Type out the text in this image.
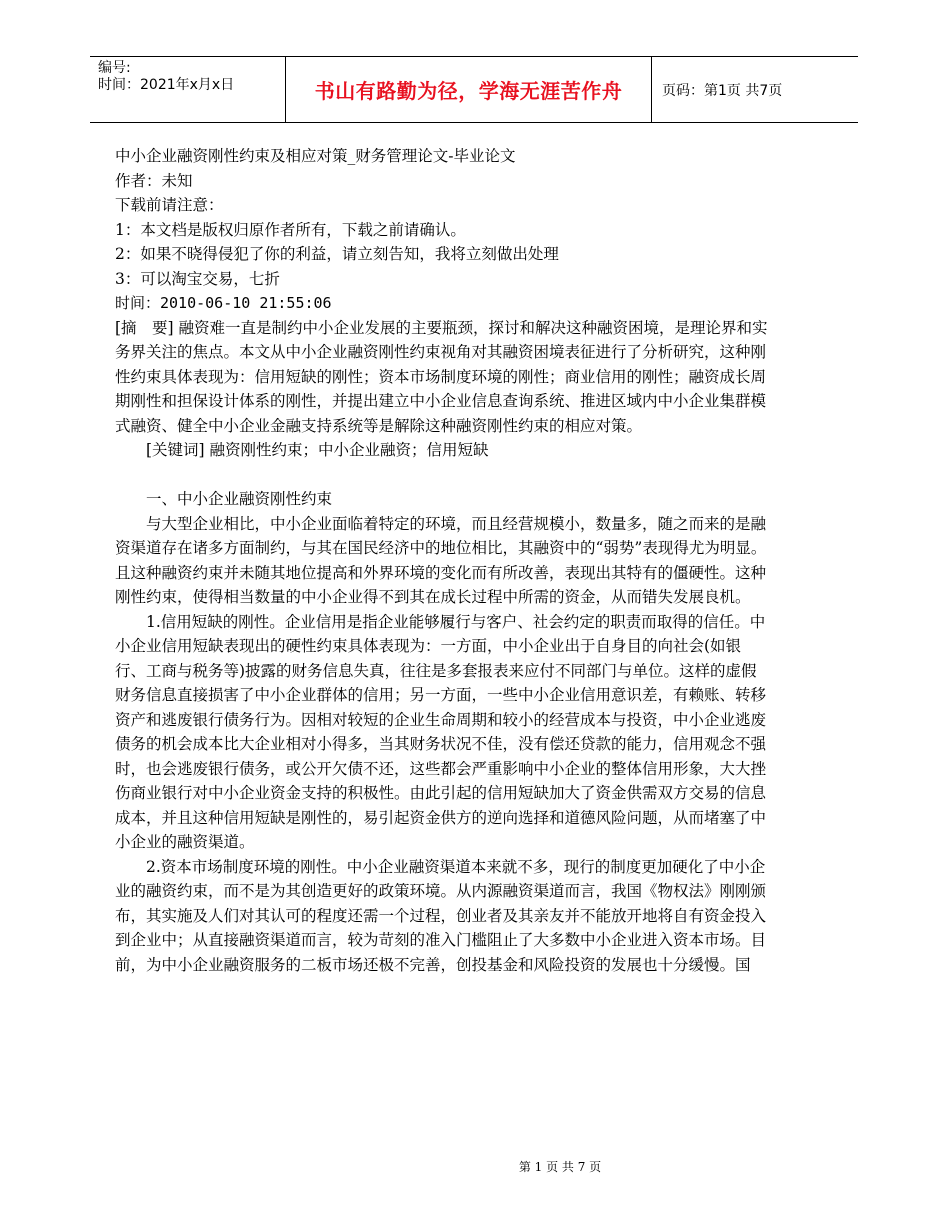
编号:
时间：2021年x月x日	书山有路勤为径，学海无涯苦作舟	页码：第1页 共7页

中小企业融资刚性约束及相应对策_财务管理论文-毕业论文

作者：未知

下载前请注意：

1：本文档是版权归原作者所有，下载之前请确认。

2：如果不晓得侵犯了你的利益，请立刻告知，我将立刻做出处理

3：可以淘宝交易，七折

时间：2010-06-10 21:55:06

[摘　要] 融资难一直是制约中小企业发展的主要瓶颈，探讨和解决这种融资困境，是理论界和实务界关注的焦点。本文从中小企业融资刚性约束视角对其融资困境表征进行了分析研究，这种刚性约束具体表现为：信用短缺的刚性；资本市场制度环境的刚性；商业信用的刚性；融资成长周期刚性和担保设计体系的刚性，并提出建立中小企业信息查询系统、推进区域内中小企业集群模式融资、健全中小企业金融支持系统等是解除这种融资刚性约束的相应对策。

[关键词] 融资刚性约束；中小企业融资；信用短缺

一、中小企业融资刚性约束

与大型企业相比，中小企业面临着特定的环境，而且经营规模小，数量多，随之而来的是融资渠道存在诸多方面制约，与其在国民经济中的地位相比，其融资中的“弱势”表现得尤为明显。且这种融资约束并未随其地位提高和外界环境的变化而有所改善，表现出其特有的僵硬性。这种刚性约束，使得相当数量的中小企业得不到其在成长过程中所需的资金，从而错失发展良机。

1.信用短缺的刚性。企业信用是指企业能够履行与客户、社会约定的职责而取得的信任。中小企业信用短缺表现出的硬性约束具体表现为：一方面，中小企业出于自身目的向社会(如银行、工商与税务等)披露的财务信息失真，往往是多套报表来应付不同部门与单位。这样的虚假财务信息直接损害了中小企业群体的信用；另一方面，一些中小企业信用意识差，有赖账、转移资产和逃废银行债务行为。因相对较短的企业生命周期和较小的经营成本与投资，中小企业逃废债务的机会成本比大企业相对小得多，当其财务状况不佳，没有偿还贷款的能力，信用观念不强时，也会逃废银行债务，或公开欠债不还，这些都会严重影响中小企业的整体信用形象，大大挫伤商业银行对中小企业资金支持的积极性。由此引起的信用短缺加大了资金供需双方交易的信息成本，并且这种信用短缺是刚性的，易引起资金供方的逆向选择和道德风险问题，从而堵塞了中小企业的融资渠道。

2.资本市场制度环境的刚性。中小企业融资渠道本来就不多，现行的制度更加硬化了中小企业的融资约束，而不是为其创造更好的政策环境。从内源融资渠道而言，我国《物权法》刚刚颁布，其实施及人们对其认可的程度还需一个过程，创业者及其亲友并不能放开地将自有资金投入到企业中；从直接融资渠道而言，较为苛刻的准入门槛阻止了大多数中小企业进入资本市场。目前，为中小企业融资服务的二板市场还极不完善，创投基金和风险投资的发展也十分缓慢。国

第 1 页 共 7 页
